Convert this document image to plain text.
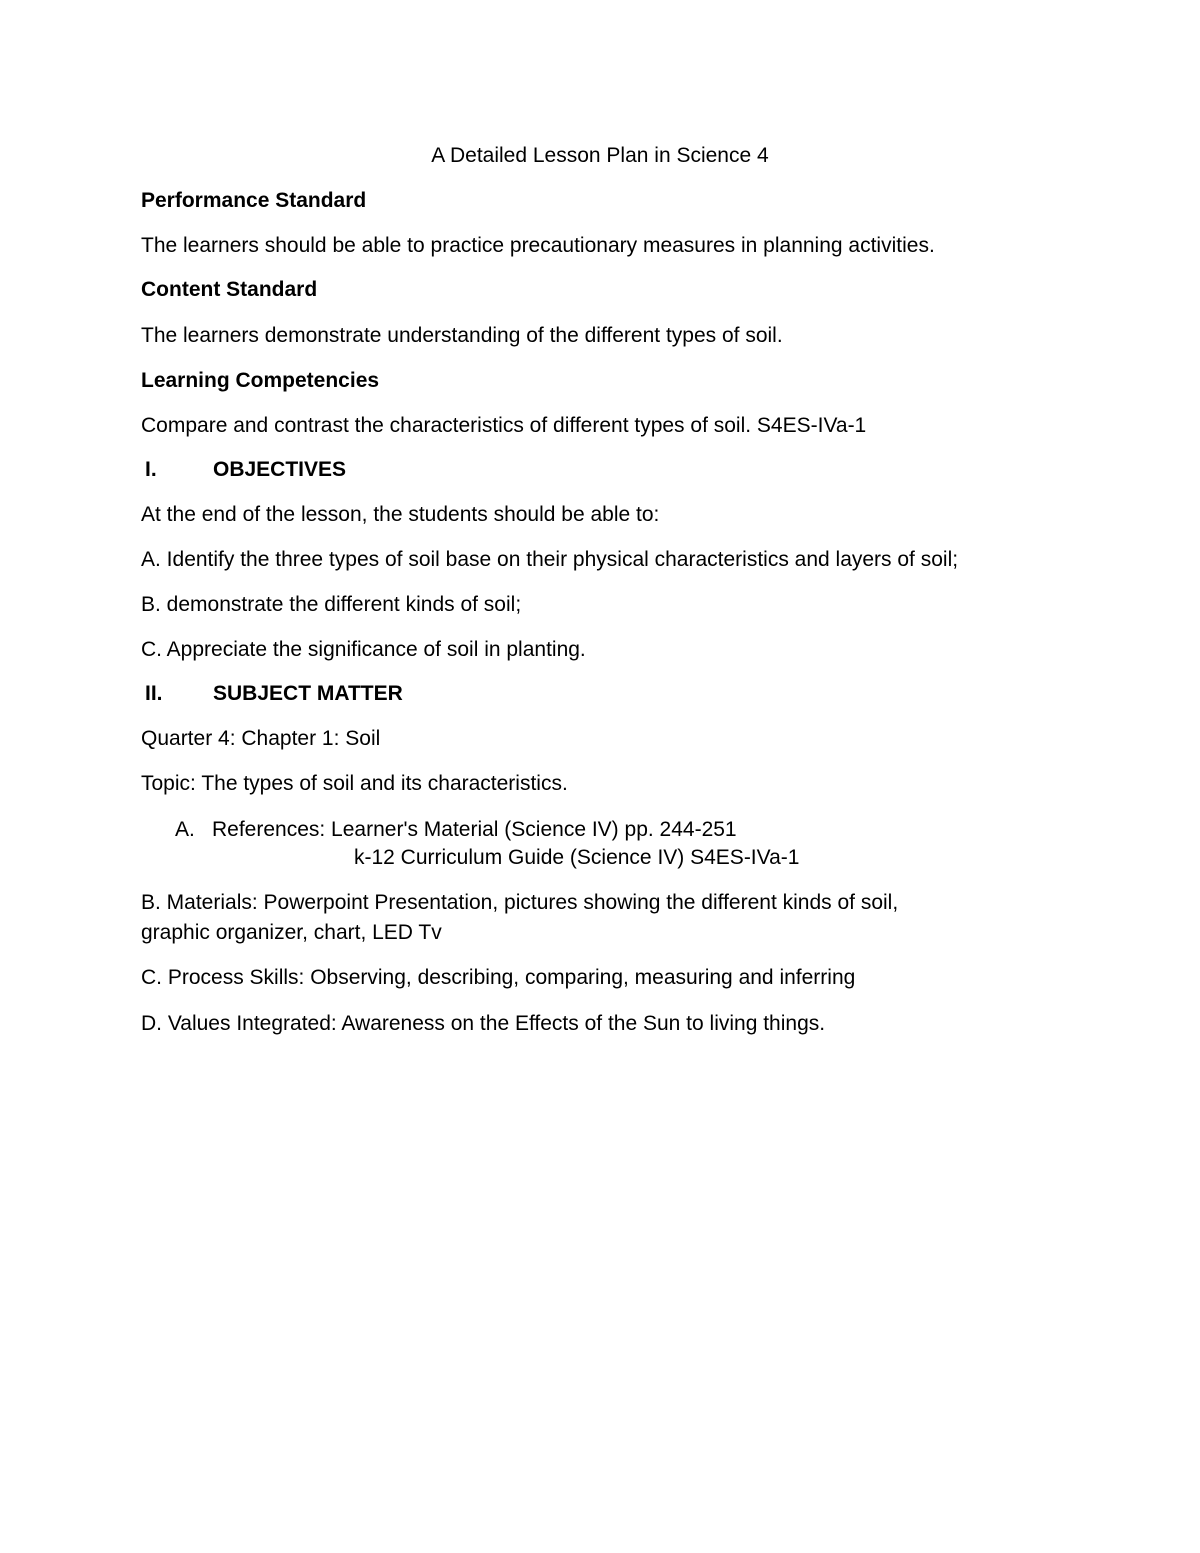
A Detailed Lesson Plan in Science 4
Performance Standard
The learners should be able to practice precautionary measures in planning activities.
Content Standard
The learners demonstrate understanding of the different types of soil.
Learning Competencies
Compare and contrast the characteristics of different types of soil. S4ES-IVa-1
I.	OBJECTIVES
At the end of the lesson, the students should be able to:
A. Identify the three types of soil base on their physical characteristics and layers of soil;
B. demonstrate the different kinds of soil;
C. Appreciate the significance of soil in planting.
II. SUBJECT MATTER
Quarter 4: Chapter 1: Soil
Topic: The types of soil and its characteristics.
A. References: Learner's Material (Science IV) pp. 244-251
k-12 Curriculum Guide (Science IV) S4ES-IVa-1
B. Materials: Powerpoint Presentation, pictures showing the different kinds of soil,
graphic organizer, chart, LED Tv
C. Process Skills: Observing, describing, comparing, measuring and inferring
D. Values Integrated: Awareness on the Effects of the Sun to living things.
